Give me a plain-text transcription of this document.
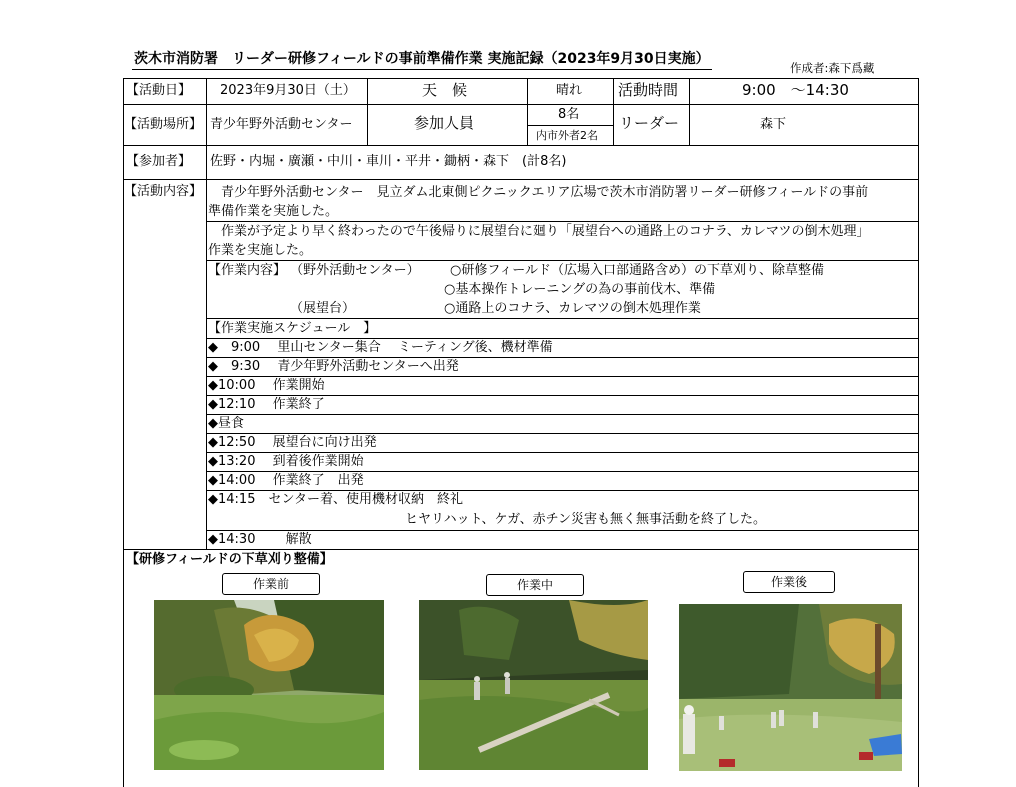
茨木市消防署　リーダー研修フィールドの事前準備作業 実施記録（2023年9月30日実施）
作成者:森下爲藏
【活動日】 2023年9月30日（土）	天　候	晴れ 活動時間	9:00　～14:30
【活動場所】 青少年野外活動センター	参加人員	8名
内市外者2名
リーダー	森下
【参加者】 佐野・内堀・廣瀬・中川・車川・平井・鋤柄・森下　(計8名)
【活動内容】 　青少年野外活動センター　見立ダム北東側ピクニックエリア広場で茨木市消防署リーダー研修フィールドの事前
準備作業を実施した。
　作業が予定より早く終わったので午後帰りに展望台に廻り「展望台への通路上のコナラ、カレマツの倒木処理」
作業を実施した。
【作業内容】 （野外活動センター） ○研修フィールド（広場入口部通路含め）の下草刈り、除草整備
○基本操作トレーニングの為の事前伐木、準備
（展望台）	○通路上のコナラ、カレマツの倒木処理作業
【作業実施スケジュール　】
◆　9:00　 里山センター集合　 ミーティング後、機材準備
◆　9:30　 青少年野外活動センターへ出発
◆10:00　 作業開始
◆12:10　 作業終了
◆昼食
◆12:50　 展望台に向け出発
◆13:20　 到着後作業開始
◆14:00　 作業終了　出発
◆14:15　センター着、使用機材収納　終礼
ヒヤリハット、ケガ、赤チン災害も無く無事活動を終了した。
◆14:30　　 解散
【研修フィールドの下草刈り整備】
作業前	作業中	作業後
